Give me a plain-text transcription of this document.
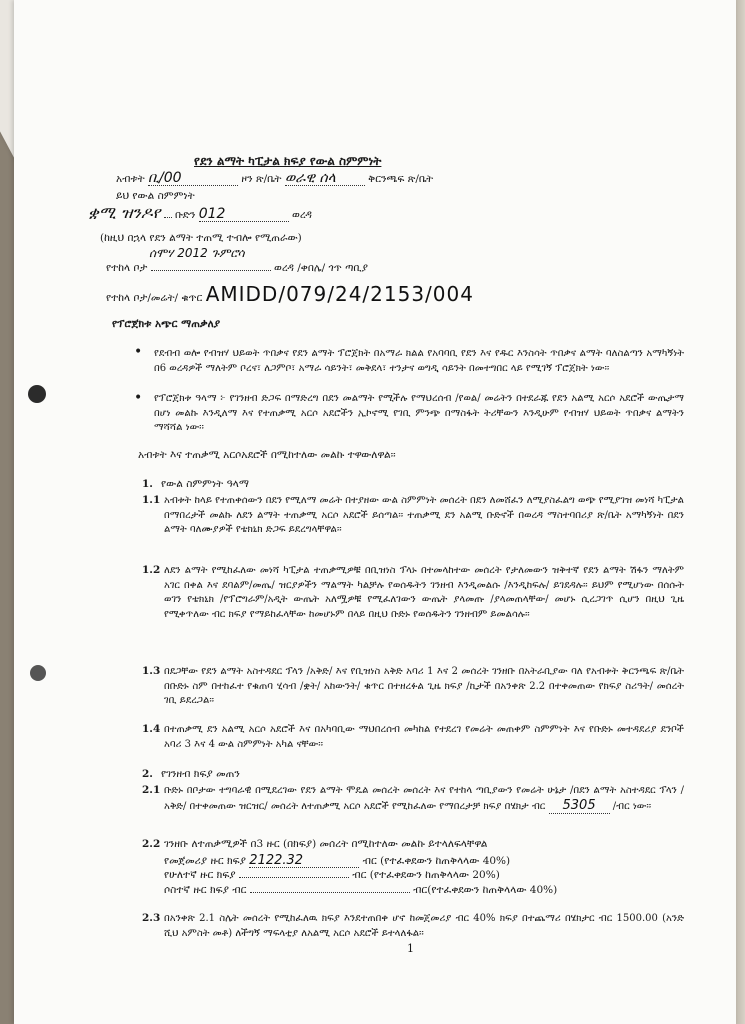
የደን ልማት ካፒታል ክፍያ የውል ስምምነት
አብቱት ቢ/00	ዞን ጽ/ቤት ወራዊ ሰላ	ቅርንጫፍ ጽ/ቤት
ይህ የውል ስምምነት
ቋሚ ዝንዶየ ቡድን 012	ወረዳ
(ከዚህ በኋላ የደን ልማት ተጠሚ ተብሎ የሚጠራው)
ሰሞሃ 2012 ጉምሮሳ
የተከላ ቦታ	ወረዳ /ቀበሌ/ ጎጥ ጣቢያ
የተከላ ቦታ/መሬት/ ቁጥር AMIDD/079/24/2153/004
የፕሮጀክቱ አጭር ማጠቃለያ
• የደብብ ወሎ የብዝሃ ህይወት ጥበቃና የደን ልማት ፕሮጀክት በአማራ ክልል የአባባቢ የደን እና የዱር እንስሳት ጥበቃና ልማት ባለስልጣን አማካኝነት በ6 ወረዳዎች ማለትም ቦረና፣ ለጋምቦ፣ አማራ ሳይንት፣ መቅደላ፣ ተንታና ወግዲ ሳይንት በመተግበር ላይ የሚገኝ ፕሮጀክት ነው፡፡
• የፕሮጀክቱ ዓላማ ፦ የገንዘብ ድጋፍ በማድረግ በደን መልማት የሚችሉ የማህረሰብ /የወል/ መሬትን በተደራጁ የደን አልሚ አርሶ አደሮች ውጤታማ በሆነ መልኩ እንዲለማ እና የተጠቃሚ አርሶ አደሮችን ኢኮኖሚ የገቢ ምንጭ በማስፋት ትሪቸውን እንዲሁም የብዝሃ ህይወት ጥበቃና ልማትን ማሻሻል ነው፡፡
አብቱት እና ተጠቃሚ አርሶአደሮች በሚከተለው መልኩ ተዋውለዋል፡፡
1. የውል ስምምነት ዓላማ
1.1 አብቱት ከላይ የተጠቀሰውን በደን የሚለማ መሬት በተያዘው ውል ስምምነት መሰረት በደን ለመሸፈን ለሚያስፈልግ ወጭ የሚያገዝ መነሻ ካፒታል በማበረታች መልኩ ለደን ልማት ተጠቃሚ አርሶ አደሮች ይሰጣል፡፡ ተጠቃሚ ደን አልሚ ቡድኖች በወረዳ ማስተባበሪያ ጽ/ቤት አማካኝነት በደን ልማት ባለሙያዎች የቴክኒክ ድጋፍ ይደረግላቸዋል፡፡
1.2 ለደን ልማት የሚከፈለው መነሻ ካፒታል ተጠቃሚዎቹ በቢዝነስ ፕላኑ በተመላከተው መሰረት የታለመውን ዝቅተኛ የደን ልማት ሽፋን ማለትም አገር በቀል እና ደባልም/መጤ/ ዝርያዎችን ማልማት ካልቻሉ የወሰዱትን ገንዘብ እንዲመልሱ /እንዲከፍሉ/ ይገደዳሉ፡፡ ይህም የሚሆነው በሰሱት ወገን የቴክኒክ /የፕሮግራም/አዲት ውጤት አለሟዎቹ የሚፈለገውን ውጤት ያላመጡ /ያላመጠላቸው/ መሆኑ ሲረጋገጥ ሲሆን በዚህ ጊዜ የሚቀጥለው ብር ክፍያ የማይከፈላቸው ከመሆኑም በላይ በዚህ ቡድኑ የወሰዱትን ገንዘብም ይመልሳሉ፡፡
1.3 በደጋቸው የደን ልማት አስተዳደር ፕላን /አቅድ/ እና የቢዝነስ አቅድ አባሪ 1 እና 2 መሰረት ገንዘቡ በአትራቢያው ባለ የአብቱት ቅርንጫፍ ጽ/ቤት በቡድኑ ስም በተከፈተ የቁጠባ ሂሳብ /ቋት/ አከውንት/ ቁጥር በተዘረፉል ጊዜ ክፍያ /ኪታች በአንቀጽ 2.2 በተቀመጠው የክፍያ ስሪዓት/ መሰረት ገቢ ይደረጋል፡፡
1.4 በተጠቃሚ ደን አልሚ አርሶ አደሮች እና በአካባቢው ማህበረሰብ መካከል የተደረገ የመሬት መጠቀም ስምምነት እና የቡድኑ መተዳደሪያ ደንቦች አባሪ 3 እና 4 ውል ስምምነት አካል ናቸው፡፡
2. የገንዘብ ክፍያ መጠን
2.1 ቡድኑ በቦታው ተግባራዊ በሚደረገው የደን ልማት ሞዴል መሰረት መሰረት እና የተከላ ጣቢያውን የመሬት ሁኔታ /በደን ልማት አስተዳደር ፕላን /አቅድ/ በተቀመጠው ዝርዝር/ መሰረት ለተጠቃሚ አርሶ አደሮች የሚከፈለው የማበረታቻ ክፍያ በሄክታ ብር 5305 /ብር ነው፡፡
2.2 ገንዘቡ ለተጠቃሚዎች በ3 ዙር (በክፍያ) መሰረት በሚከተለው መልኩ ይተላለፍላቸዋል
የመጀመሪያ ዙር ክፍያ 2122.32	ብር (የተፈቀደውን ከጠቅላላው 40%)
የሁለተኛ ዙር ክፍያ	ብር (የተፈቀደውን ከጠቅላላው 20%)
ሶስተኛ ዙር ክፍያ ብር	ብር(የተፈቀደውን ከጠቅላላው 40%)
2.3 በአንቀጽ 2.1 ስሌት መሰረት የሚከፈለዉ ክፍያ እንደተጠበቀ ሆኖ ከመጀመሪያ ብር 40% ክፍያ በተጨማሪ በሄክታር ብር 1500.00 (አንድ ሺህ አምስት መቶ) ለችግኝ ማፍላቲያ ለአልሚ አርሶ አደሮች ይተላለፋል፡፡
1
